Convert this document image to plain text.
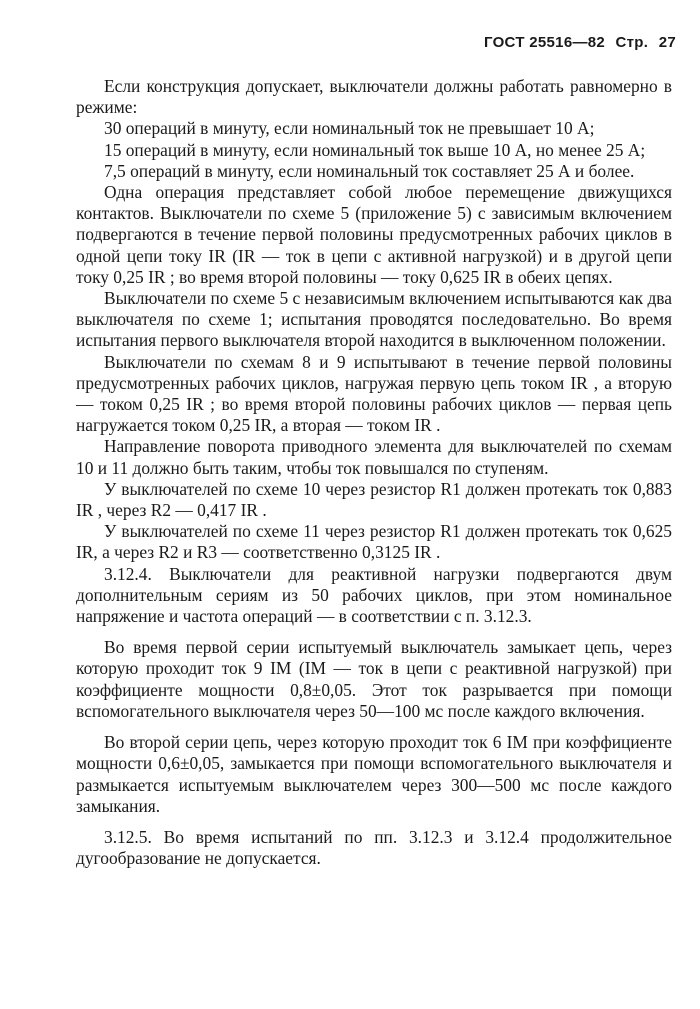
ГОСТ 25516—82 Стр. 27

Если конструкция допускает, выключатели должны работать равномерно в режиме:

30 операций в минуту, если номинальный ток не превышает 10 А;

15 операций в минуту, если номинальный ток выше 10 А, но менее 25 А;

7,5 операций в минуту, если номинальный ток составляет 25 А и более.

Одна операция представляет собой любое перемещение движущихся контактов. Выключатели по схеме 5 (приложение 5) с зависимым включением подвергаются в течение первой половины предусмотренных рабочих циклов в одной цепи току IR (IR — ток в цепи с активной нагрузкой) и в другой цепи току 0,25 IR ; во время второй половины — току 0,625 IR в обеих цепях.

Выключатели по схеме 5 с независимым включением испытываются как два выключателя по схеме 1; испытания проводятся последовательно. Во время испытания первого выключателя второй находится в выключенном положении.

Выключатели по схемам 8 и 9 испытывают в течение первой половины предусмотренных рабочих циклов, нагружая первую цепь током IR , а вторую — током 0,25 IR ; во время второй половины рабочих циклов — первая цепь нагружается током 0,25 IR, а вторая — током IR .

Направление поворота приводного элемента для выключателей по схемам 10 и 11 должно быть таким, чтобы ток повышался по ступеням.

У выключателей по схеме 10 через резистор R1 должен протекать ток 0,883 IR , через R2 — 0,417 IR .

У выключателей по схеме 11 через резистор R1 должен протекать ток 0,625 IR, а через R2 и R3 — соответственно 0,3125 IR .

3.12.4. Выключатели для реактивной нагрузки подвергаются двум дополнительным сериям из 50 рабочих циклов, при этом номинальное напряжение и частота операций — в соответствии с п. 3.12.3.

Во время первой серии испытуемый выключатель замыкает цепь, через которую проходит ток 9 IM (IM — ток в цепи с реактивной нагрузкой) при коэффициенте мощности 0,8±0,05. Этот ток разрывается при помощи вспомогательного выключателя через 50—100 мс после каждого включения.

Во второй серии цепь, через которую проходит ток 6 IM при коэффициенте мощности 0,6±0,05, замыкается при помощи вспомогательного выключателя и размыкается испытуемым выключателем через 300—500 мс после каждого замыкания.

3.12.5. Во время испытаний по пп. 3.12.3 и 3.12.4 продолжительное дугообразование не допускается.
